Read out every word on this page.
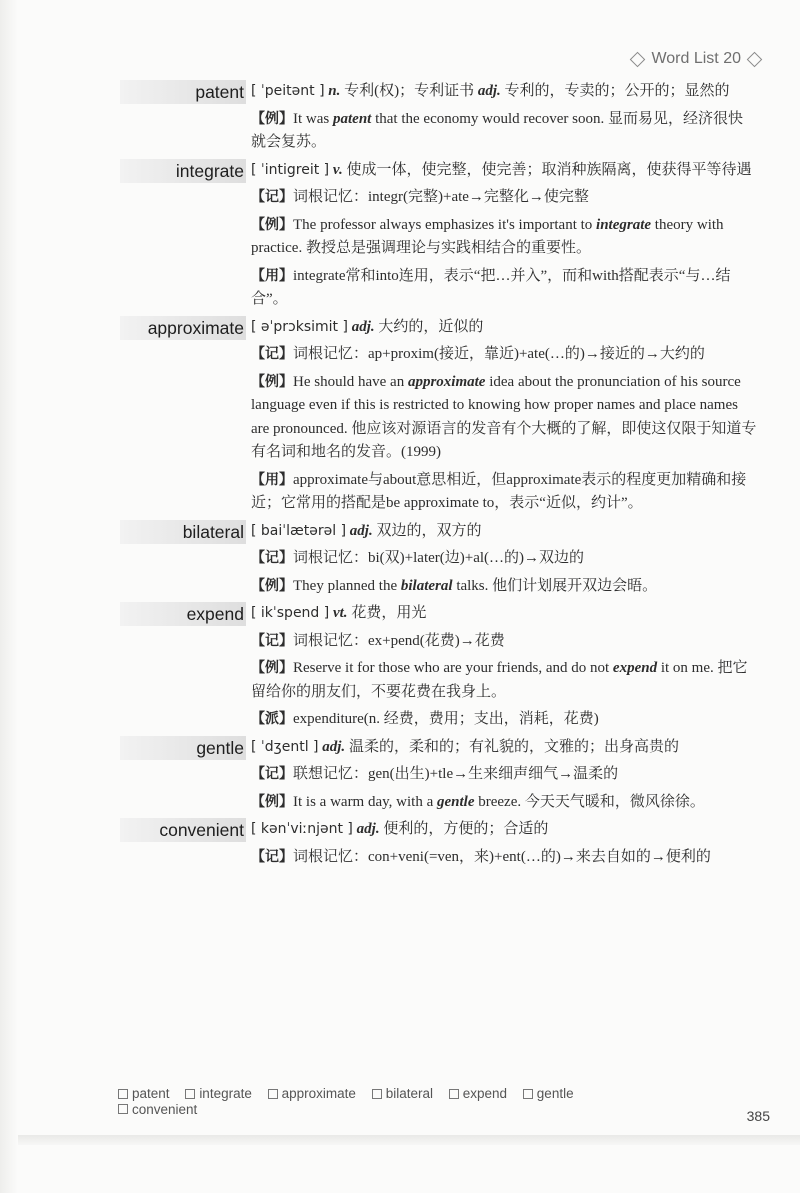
Word List 20
patent [ ˈpeitənt ] n. 专利(权)；专利证书 adj. 专利的，专卖的；公开的；显然的

【例】It was patent that the economy would recover soon. 显而易见，经济很快就会复苏。

integrate [ ˈintigreit ] v. 使成一体，使完整，使完善；取消种族隔离，使获得平等待遇

【记】词根记忆：integr(完整)+ate→完整化→使完整

【例】The professor always emphasizes it's important to integrate theory with practice. 教授总是强调理论与实践相结合的重要性。

【用】integrate常和into连用，表示“把…并入”，而和with搭配表示“与…结合”。

approximate [ əˈprɔksimit ] adj. 大约的，近似的

【记】词根记忆：ap+proxim(接近，靠近)+ate(…的)→接近的→大约的

【例】He should have an approximate idea about the pronunciation of his source language even if this is restricted to knowing how proper names and place names are pronounced. 他应该对源语言的发音有个大概的了解，即使这仅限于知道专有名词和地名的发音。(1999)

【用】approximate与about意思相近，但approximate表示的程度更加精确和接近；它常用的搭配是be approximate to，表示“近似，约计”。

bilateral [ baiˈlætərəl ] adj. 双边的，双方的

【记】词根记忆：bi(双)+later(边)+al(…的)→双边的

【例】They planned the bilateral talks. 他们计划展开双边会晤。

expend [ ikˈspend ] vt. 花费，用光

【记】词根记忆：ex+pend(花费)→花费

【例】Reserve it for those who are your friends, and do not expend it on me. 把它留给你的朋友们，不要花费在我身上。

【派】expenditure(n. 经费，费用；支出，消耗，花费)

gentle [ ˈdʒentl ] adj. 温柔的，柔和的；有礼貌的，文雅的；出身高贵的

【记】联想记忆：gen(出生)+tle→生来细声细气→温柔的

【例】It is a warm day, with a gentle breeze. 今天天气暖和，微风徐徐。

convenient [ kənˈviːnjənt ] adj. 便利的，方便的；合适的

【记】词根记忆：con+veni(=ven，来)+ent(…的)→来去自如的→便利的

patent
integrate
approximate
bilateral
expend
gentle

convenient	385
